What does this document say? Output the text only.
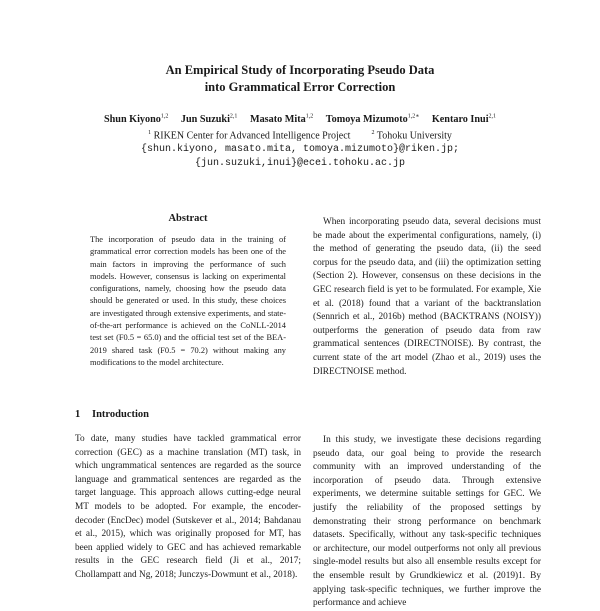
An Empirical Study of Incorporating Pseudo Data
into Grammatical Error Correction
Shun Kiyono$^{1,2}$ Jun Suzuki$^{2,1}$ Masato Mita$^{1,2}$ Tomoya Mizumoto$^{1,2∗}$ Kentaro Inui$^{2,1}$
$^1$ RIKEN Center for Advanced Intelligence Project	$^2$ Tohoku University
{shun.kiyono, masato.mita, tomoya.mizumoto}@riken.jp;
{jun.suzuki,inui}@ecei.tohoku.ac.jp
Abstract
The incorporation of pseudo data in the training of grammatical error correction models has been one of the main factors in improving the performance of such models. However, consensus is lacking on experimental configurations, namely, choosing how the pseudo data should be generated or used. In this study, these choices are investigated through extensive experiments, and state-of-the-art performance is achieved on the CoNLL-2014 test set (F0.5 = 65.0) and the official test set of the BEA-2019 shared task (F0.5 = 70.2) without making any modifications to the model architecture.
1 Introduction
To date, many studies have tackled grammatical error correction (GEC) as a machine translation (MT) task, in which ungrammatical sentences are regarded as the source language and grammatical sentences are regarded as the target language. This approach allows cutting-edge neural MT models to be adopted. For example, the encoder-decoder (EncDec) model (Sutskever et al., 2014; Bahdanau et al., 2015), which was originally proposed for MT, has been applied widely to GEC and has achieved remarkable results in the GEC research field (Ji et al., 2017; Chollampatt and Ng, 2018; Junczys-Dowmunt et al., 2018).
When incorporating pseudo data, several decisions must be made about the experimental configurations, namely, (i) the method of generating the pseudo data, (ii) the seed corpus for the pseudo data, and (iii) the optimization setting (Section 2). However, consensus on these decisions in the GEC research field is yet to be formulated. For example, Xie et al. (2018) found that a variant of the backtranslation (Sennrich et al., 2016b) method (BACKTRANS (NOISY)) outperforms the generation of pseudo data from raw grammatical sentences (DIRECTNOISE). By contrast, the current state of the art model (Zhao et al., 2019) uses the DIRECTNOISE method.
In this study, we investigate these decisions regarding pseudo data, our goal being to provide the research community with an improved understanding of the incorporation of pseudo data. Through extensive experiments, we determine suitable settings for GEC. We justify the reliability of the proposed settings by demonstrating their strong performance on benchmark datasets. Specifically, without any task-specific techniques or architecture, our model outperforms not only all previous single-model results but also all ensemble results except for the ensemble result by Grundkiewicz et al. (2019)1. By applying task-specific techniques, we further improve the performance and achieve
